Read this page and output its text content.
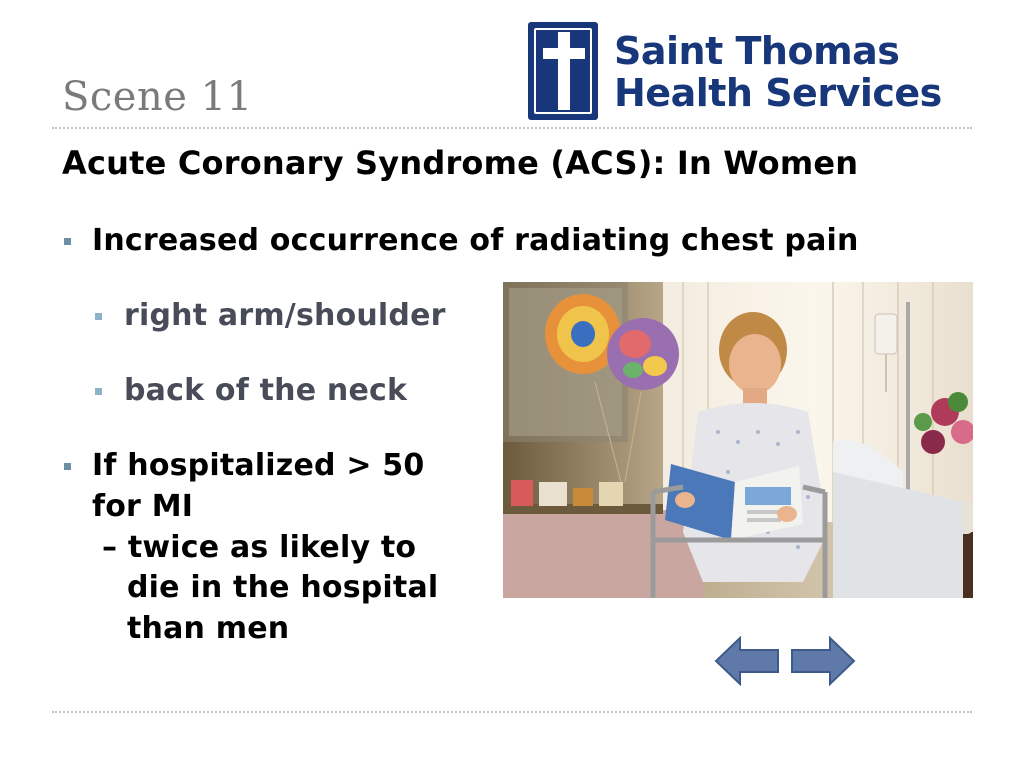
Scene 11
Saint Thomas
Health Services
Acute Coronary Syndrome (ACS): In Women
Increased occurrence of radiating chest pain
right arm/shoulder
back of the neck
If hospitalized > 50
for MI
– twice as likely to
die in the hospital
than men
